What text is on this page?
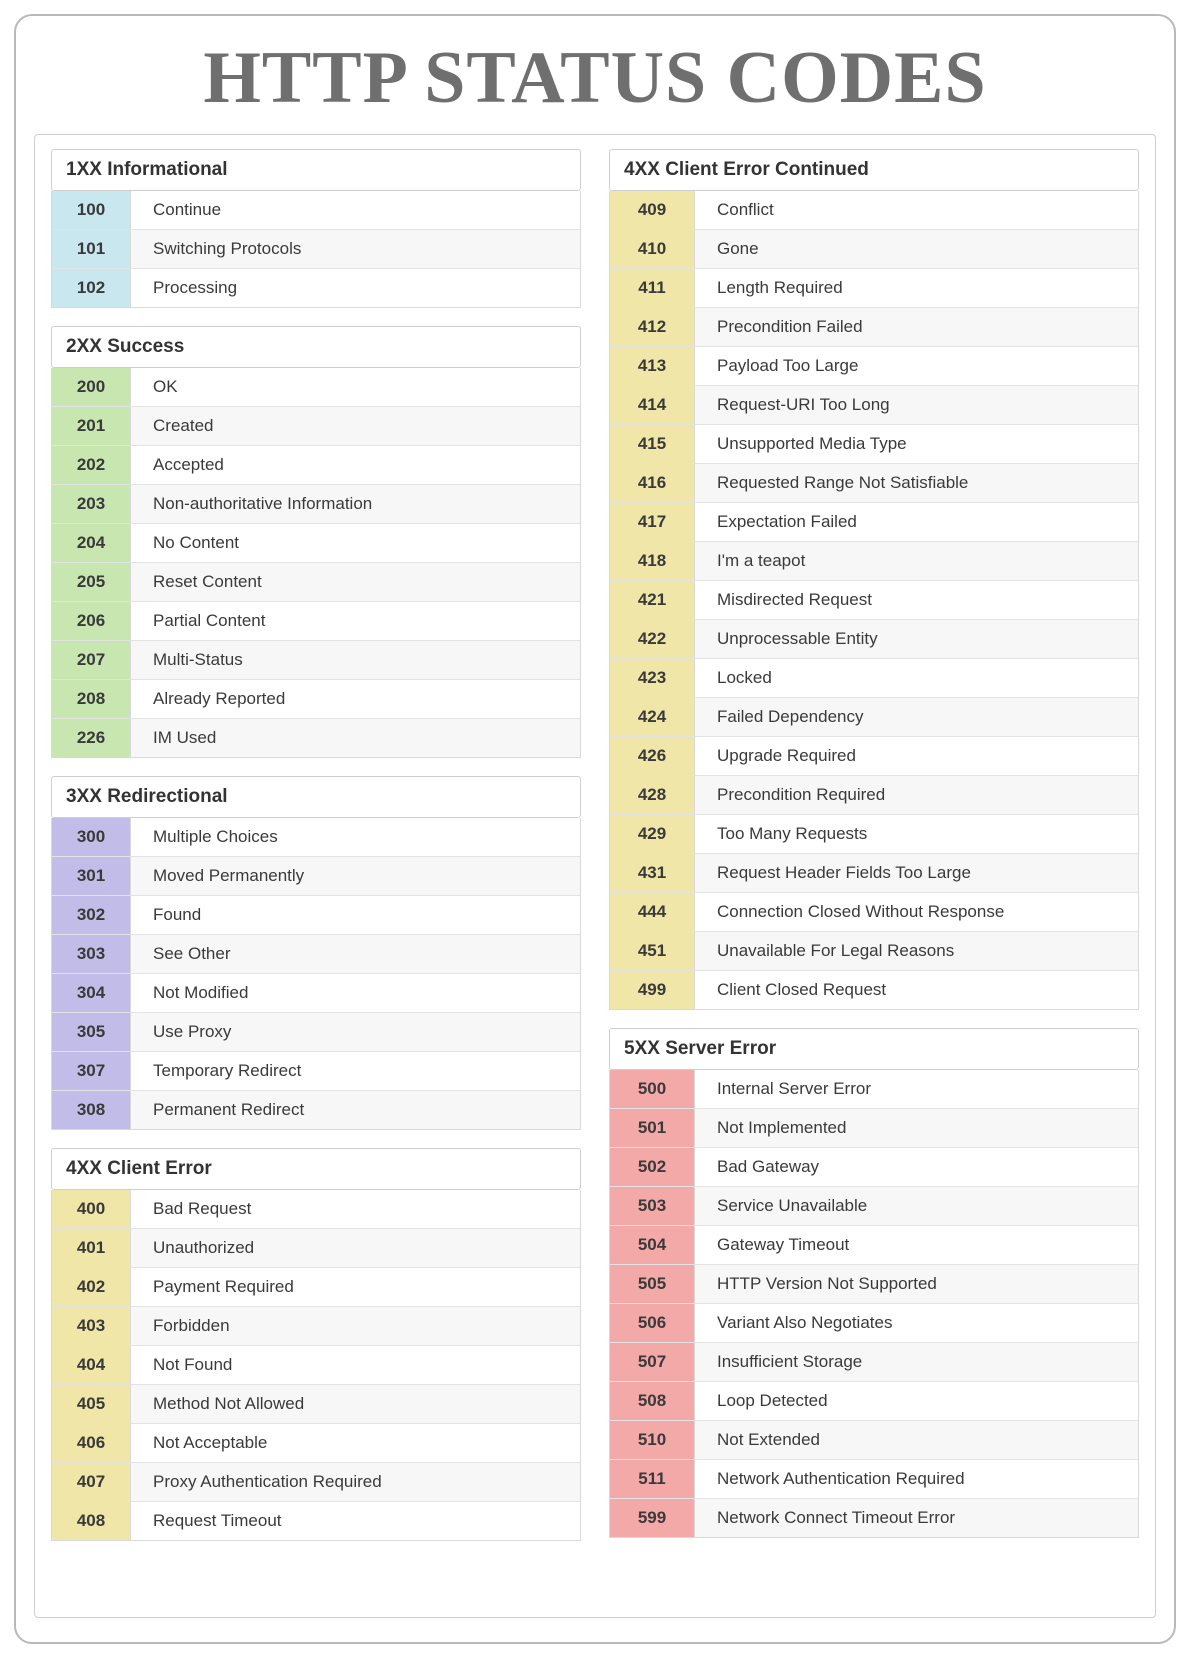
HTTP STATUS CODES
1XX Informational
100	Continue
101	Switching Protocols
102	Processing
2XX Success
200	OK
201	Created
202	Accepted
203	Non-authoritative Information
204	No Content
205	Reset Content
206	Partial Content
207	Multi-Status
208	Already Reported
226	IM Used
3XX Redirectional
300	Multiple Choices
301	Moved Permanently
302	Found
303	See Other
304	Not Modified
305	Use Proxy
307	Temporary Redirect
308	Permanent Redirect
4XX Client Error
400	Bad Request
401	Unauthorized
402	Payment Required
403	Forbidden
404	Not Found
405	Method Not Allowed
406	Not Acceptable
407	Proxy Authentication Required
408	Request Timeout
4XX Client Error Continued
409	Conflict
410	Gone
411	Length Required
412	Precondition Failed
413	Payload Too Large
414	Request-URI Too Long
415	Unsupported Media Type
416	Requested Range Not Satisfiable
417	Expectation Failed
418	I'm a teapot
421	Misdirected Request
422	Unprocessable Entity
423	Locked
424	Failed Dependency
426	Upgrade Required
428	Precondition Required
429	Too Many Requests
431	Request Header Fields Too Large
444	Connection Closed Without Response
451	Unavailable For Legal Reasons
499	Client Closed Request
5XX Server Error
500	Internal Server Error
501	Not Implemented
502	Bad Gateway
503	Service Unavailable
504	Gateway Timeout
505	HTTP Version Not Supported
506	Variant Also Negotiates
507	Insufficient Storage
508	Loop Detected
510	Not Extended
511	Network Authentication Required
599	Network Connect Timeout Error
